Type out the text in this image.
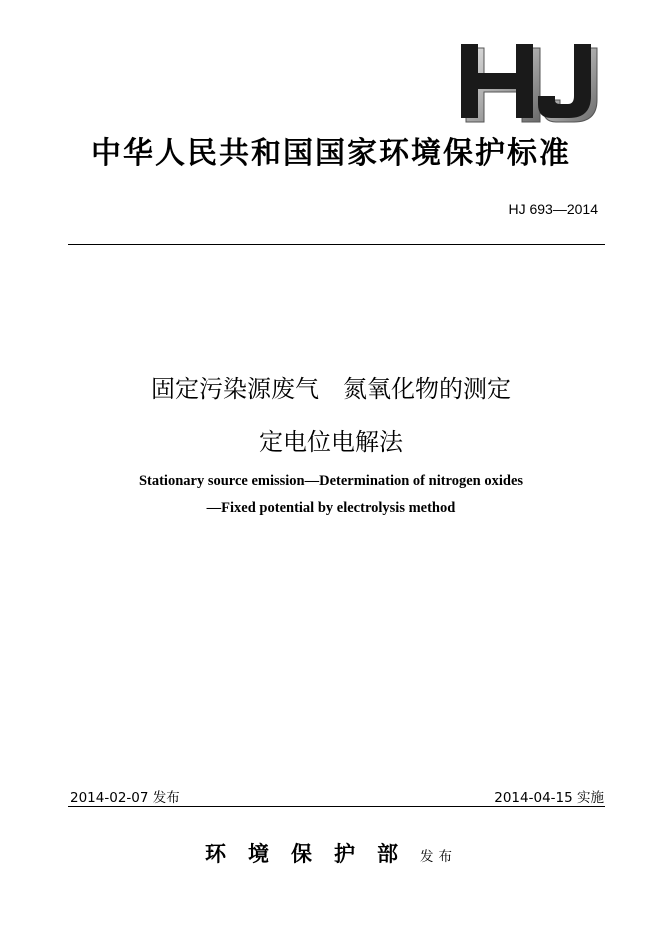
中华人民共和国国家环境保护标准
HJ 693—2014
固定污染源废气　氮氧化物的测定
定电位电解法
Stationary source emission—Determination of nitrogen oxides
—Fixed potential by electrolysis method
2014-02-07 发布	2014-04-15 实施
环境保护部发布
